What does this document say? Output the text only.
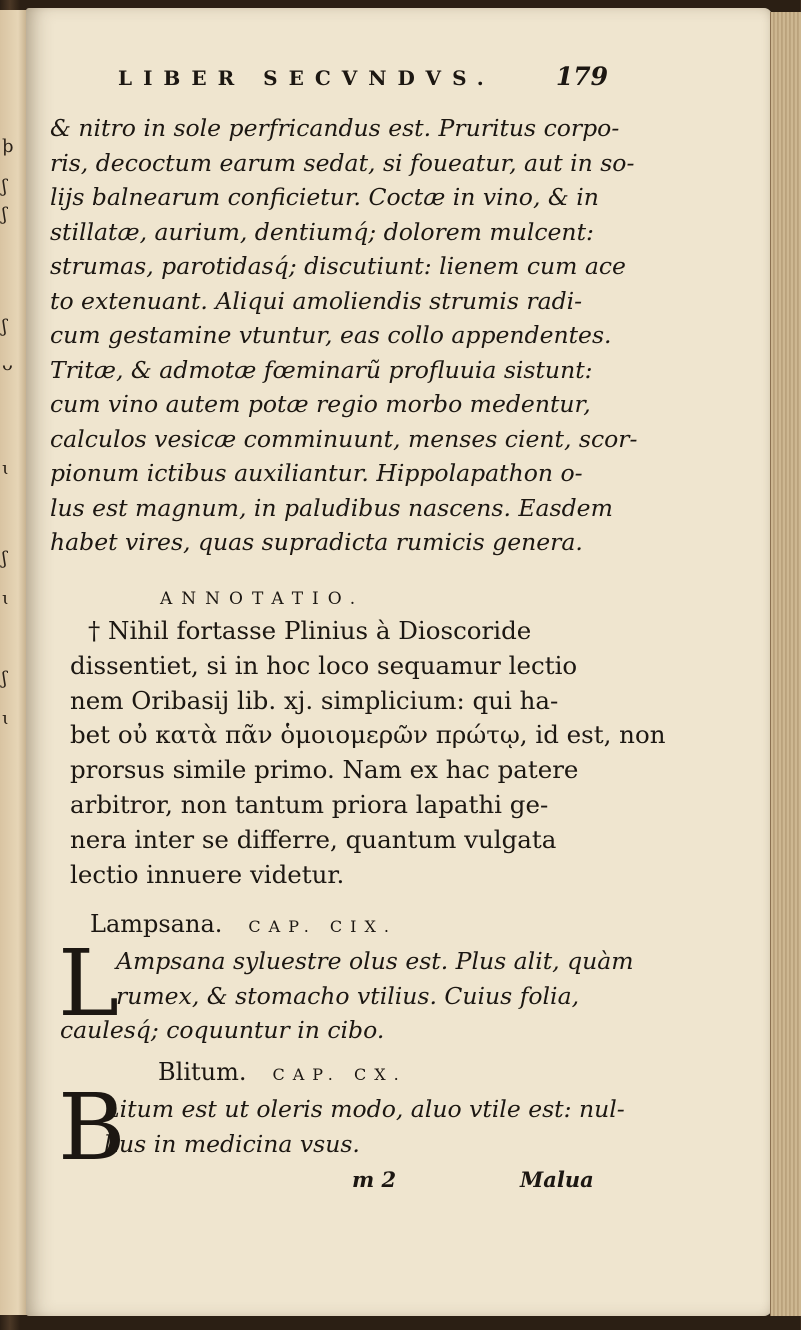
ϸ
ʃ
ʃ
ʃ
ᴗ
ɩ
ʃ
ɩ
ʃ
ɩ
LIBER SECVNDVS. 179
& nitro in sole perfricandus est. Pruritus corpo-
ris, decoctum earum sedat, si foueatur, aut in so-
lijs balnearum conficietur. Coctæ in vino, & in
stillatæ, aurium, dentiumq́; dolorem mulcent:
strumas, parotidasq́; discutiunt: lienem cum ace
to extenuant. Aliqui amoliendis strumis radi-
cum gestamine vtuntur, eas collo appendentes.
Tritæ, & admotæ fœminarũ profluuia sistunt:
cum vino autem potæ regio morbo medentur,
calculos vesicæ comminuunt, menses cient, scor-
pionum ictibus auxiliantur. Hippolapathon o-
lus est magnum, in paludibus nascens. Easdem
habet vires, quas supradicta rumicis genera.
ANNOTATIO.
† Nihil fortasse Plinius à Dioscoride
dissentiet, si in hoc loco sequamur lectio
nem Oribasij lib. xj. simplicium: qui ha-
bet οὐ κατὰ πᾶν ὁμοιομερῶν πρώτῳ, id est, non
prorsus simile primo. Nam ex hac patere
arbitror, non tantum priora lapathi ge-
nera inter se differre, quantum vulgata
lectio innuere videtur.
Lampsana. CAP. CIX.
L
Ampsana syluestre olus est. Plus alit, quàm
rumex, & stomacho vtilius. Cuius folia,
caulesq́; coquuntur in cibo.
Blitum. CAP. CX.
B
Litum est ut oleris modo, aluo vtile est: nul-
lius in medicina vsus.
m 2	Malua
